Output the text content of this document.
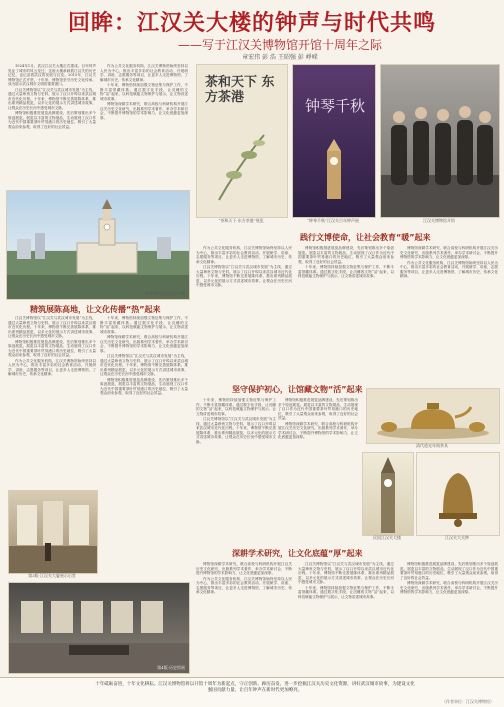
回眸：江汉关大楼的钟声与时代共鸣
——写于江汉关博物馆开馆十周年之际
章宏伟 彭 浩 王昭强 彭 崢嵘

1924年1月，武汉江汉关大楼正式建成。百年钟声见证了城市的风云变迁，这座大楼承载着江汉关的历史记忆，也记录着武汉的发展与巨变。2015年，江汉关博物馆正式开馆，十年来，博物馆坚守历史文化传承，成为展示武汉城市文明的重要窗口。

江汉关博物馆以“江汉关与武汉城市发展”为主线，通过大量珍贵文物与史料，展示了汉口开埠以来武汉城市近代化历程。十年来，博物馆不断完善展陈体系，推出系列精品展览，以多元化的展示方式讲述城市故事，让观众在历史长河中感受城市文脉。

博物馆积极推进展览品牌建设，先后策划推出多个原创展览。展览以丰富的文物展品，生动展现了汉口作为近代中国重要茶叶贸易港口的历史地位，吸引了大量观众前来参观，取得了良好的社会效益。

作为公共文化服务机构，江汉关博物馆始终坚持以人民为中心，推出丰富多彩的社会教育活动，开展研学、讲座、志愿服务等项目，让更多人走进博物馆，了解城市历史，传承文化精神。

十年来，博物馆持续加强文物征集与保护工作，不断丰富馆藏体系。通过数字化手段，让沉睡的文物“活”起来，以科技赋能文物保护与展示，让文物讲述城市故事。

博物馆深耕学术研究，联合高校与科研机构开展江汉关历史文化研究，出版系列学术著作，举办学术研讨会，不断提升博物馆的学术影响力，让文化底蕴更加深厚。

古今长河的江汉关大楼
茶和天下 东方茶港
“茶和天下 东方茶港”展览
钟琴千秋
“钟琴千秋”江汉关百年钟声展	江汉关博物馆开馆
精筑展陈高地，让文化传播“热”起来

江汉关博物馆以“江汉关与武汉城市发展”为主线，通过大量珍贵文物与史料，展示了汉口开埠以来武汉城市近代化历程。十年来，博物馆不断完善展陈体系，推出系列精品展览，以多元化的展示方式讲述城市故事，让观众在历史长河中感受城市文脉。

博物馆积极推进展览品牌建设，先后策划推出多个原创展览。展览以丰富的文物展品，生动展现了汉口作为近代中国重要茶叶贸易港口的历史地位，吸引了大量观众前来参观，取得了良好的社会效益。

作为公共文化服务机构，江汉关博物馆始终坚持以人民为中心，推出丰富多彩的社会教育活动，开展研学、讲座、志愿服务等项目，让更多人走进博物馆，了解城市历史，传承文化精神。

十年来，博物馆持续加强文物征集与保护工作，不断丰富馆藏体系。通过数字化手段，让沉睡的文物“活”起来，以科技赋能文物保护与展示，让文物讲述城市故事。

博物馆深耕学术研究，联合高校与科研机构开展江汉关历史文化研究，出版系列学术著作，举办学术研讨会，不断提升博物馆的学术影响力，让文化底蕴更加深厚。

江汉关博物馆以“江汉关与武汉城市发展”为主线，通过大量珍贵文物与史料，展示了汉口开埠以来武汉城市近代化历程。十年来，博物馆不断完善展陈体系，推出系列精品展览，以多元化的展示方式讲述城市故事，让观众在历史长河中感受城市文脉。

博物馆积极推进展览品牌建设，先后策划推出多个原创展览。展览以丰富的文物展品，生动展现了汉口作为近代中国重要茶叶贸易港口的历史地位，吸引了大量观众前来参观，取得了良好的社会效益。

第3版·江汉关大厦展示后堂
第4版·历史馆展
践行文博使命，让社会教育“暖”起来

作为公共文化服务机构，江汉关博物馆始终坚持以人民为中心，推出丰富多彩的社会教育活动，开展研学、讲座、志愿服务等项目，让更多人走进博物馆，了解城市历史，传承文化精神。

江汉关博物馆以“江汉关与武汉城市发展”为主线，通过大量珍贵文物与史料，展示了汉口开埠以来武汉城市近代化历程。十年来，博物馆不断完善展陈体系，推出系列精品展览，以多元化的展示方式讲述城市故事，让观众在历史长河中感受城市文脉。

博物馆积极推进展览品牌建设，先后策划推出多个原创展览。展览以丰富的文物展品，生动展现了汉口作为近代中国重要茶叶贸易港口的历史地位，吸引了大量观众前来参观，取得了良好的社会效益。

十年来，博物馆持续加强文物征集与保护工作，不断丰富馆藏体系。通过数字化手段，让沉睡的文物“活”起来，以科技赋能文物保护与展示，让文物讲述城市故事。

博物馆深耕学术研究，联合高校与科研机构开展江汉关历史文化研究，出版系列学术著作，举办学术研讨会，不断提升博物馆的学术影响力，让文化底蕴更加深厚。

作为公共文化服务机构，江汉关博物馆始终坚持以人民为中心，推出丰富多彩的社会教育活动，开展研学、讲座、志愿服务等项目，让更多人走进博物馆，了解城市历史，传承文化精神。

坚守保护初心，让馆藏文物“活”起来

十年来，博物馆持续加强文物征集与保护工作，不断丰富馆藏体系。通过数字化手段，让沉睡的文物“活”起来，以科技赋能文物保护与展示，让文物讲述城市故事。

江汉关博物馆以“江汉关与武汉城市发展”为主线，通过大量珍贵文物与史料，展示了汉口开埠以来武汉城市近代化历程。十年来，博物馆不断完善展陈体系，推出系列精品展览，以多元化的展示方式讲述城市故事，让观众在历史长河中感受城市文脉。

博物馆积极推进展览品牌建设，先后策划推出多个原创展览。展览以丰富的文物展品，生动展现了汉口作为近代中国重要茶叶贸易港口的历史地位，吸引了大量观众前来参观，取得了良好的社会效益。

博物馆深耕学术研究，联合高校与科研机构开展江汉关历史文化研究，出版系列学术著作，举办学术研讨会，不断提升博物馆的学术影响力，让文化底蕴更加深厚。

清代道光年间茶具
民国江汉关大楼	江汉关大关钟
深耕学术研究，让文化底蕴“厚”起来

博物馆深耕学术研究，联合高校与科研机构开展江汉关历史文化研究，出版系列学术著作，举办学术研讨会，不断提升博物馆的学术影响力，让文化底蕴更加深厚。

作为公共文化服务机构，江汉关博物馆始终坚持以人民为中心，推出丰富多彩的社会教育活动，开展研学、讲座、志愿服务等项目，让更多人走进博物馆，了解城市历史，传承文化精神。

江汉关博物馆以“江汉关与武汉城市发展”为主线，通过大量珍贵文物与史料，展示了汉口开埠以来武汉城市近代化历程。十年来，博物馆不断完善展陈体系，推出系列精品展览，以多元化的展示方式讲述城市故事，让观众在历史长河中感受城市文脉。

十年来，博物馆持续加强文物征集与保护工作，不断丰富馆藏体系。通过数字化手段，让沉睡的文物“活”起来，以科技赋能文物保护与展示，让文物讲述城市故事。

博物馆积极推进展览品牌建设，先后策划推出多个原创展览。展览以丰富的文物展品，生动展现了汉口作为近代中国重要茶叶贸易港口的历史地位，吸引了大量观众前来参观，取得了良好的社会效益。

博物馆深耕学术研究，联合高校与科研机构开展江汉关历史文化研究，出版系列学术著作，举办学术研讨会，不断提升博物馆的学术影响力，让文化底蕴更加深厚。

十年砥砺奋进，十年文化耕耘。江汉关博物馆将以开馆十周年为新起点，守正创新、踔厉奋发，进一步挖掘江汉关历史文化资源，讲好武汉城市故事，为建设文化强国贡献力量，让百年钟声在新时代更加嘹亮。
（作者单位：江汉关博物馆）
